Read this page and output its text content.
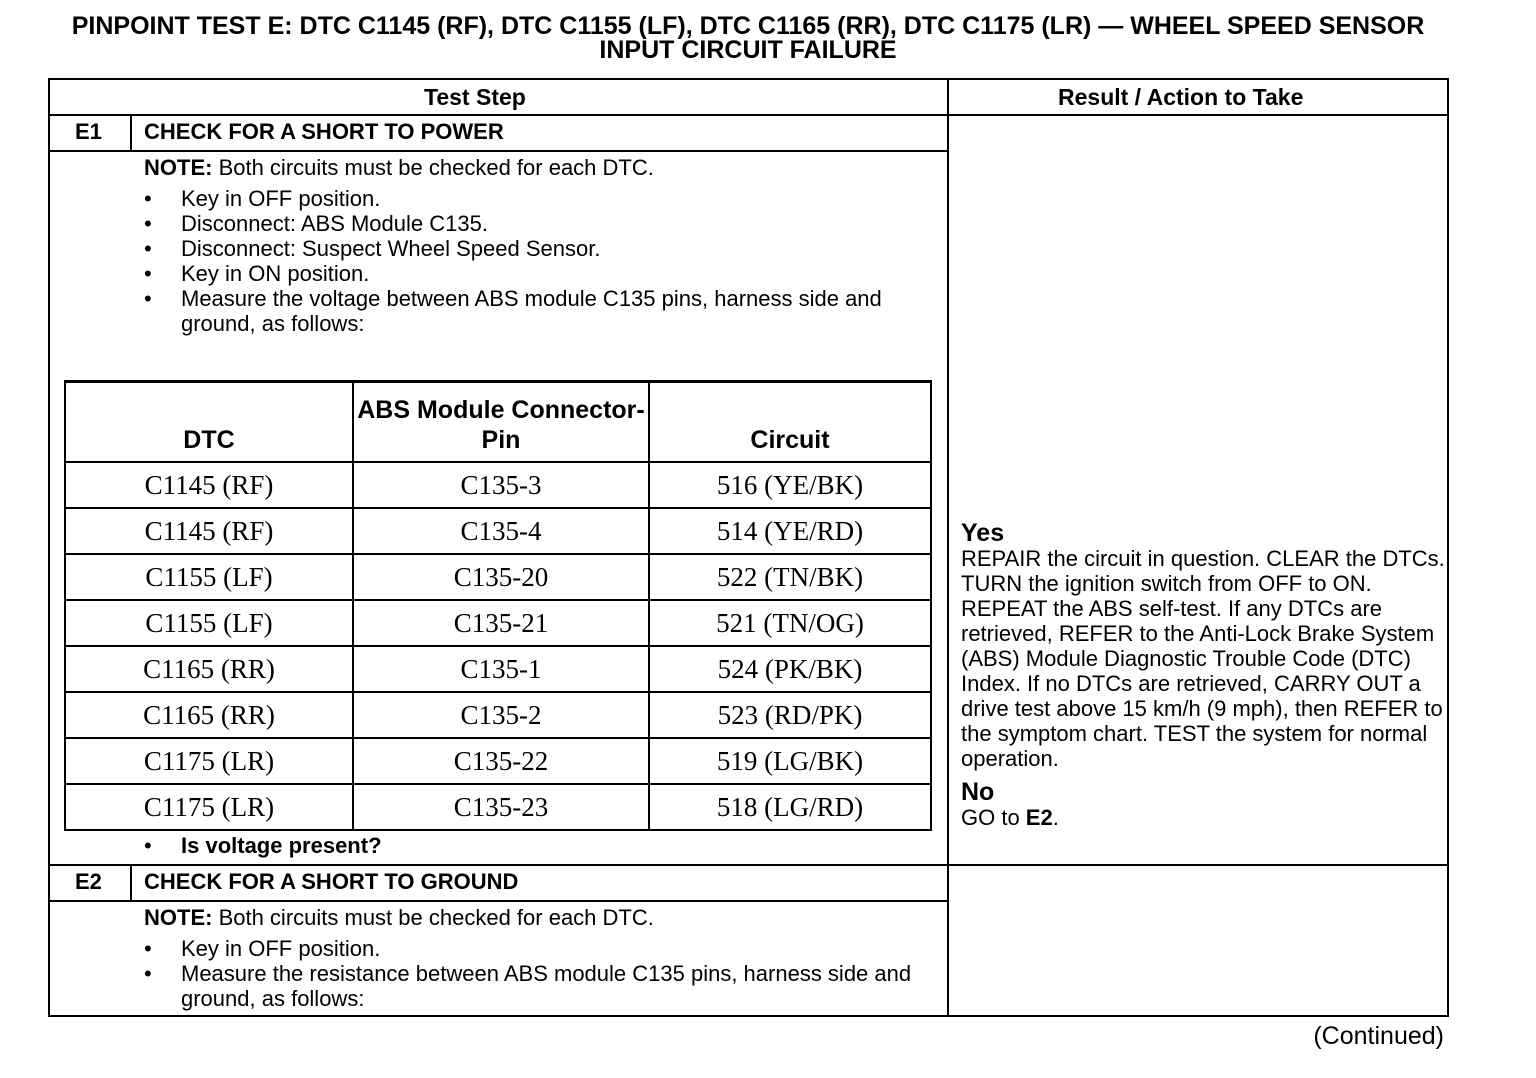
PINPOINT TEST E: DTC C1145 (RF), DTC C1155 (LF), DTC C1165 (RR), DTC C1175 (LR) — WHEEL SPEED SENSOR INPUT CIRCUIT FAILURE
Test Step	Result / Action to Take
E1 CHECK FOR A SHORT TO POWER
NOTE: Both circuits must be checked for each DTC.
•	Key in OFF position.
•	Disconnect: ABS Module C135.
•	Disconnect: Suspect Wheel Speed Sensor.
•	Key in ON position.
•	Measure the voltage between ABS module C135 pins, harness side and ground, as follows:
DTC	ABS Module Connector-Pin	Circuit
C1145 (RF)	C135-3	516 (YE/BK)
C1145 (RF)	C135-4	514 (YE/RD)
C1155 (LF)	C135-20	522 (TN/BK)
C1155 (LF)	C135-21	521 (TN/OG)
C1165 (RR)	C135-1	524 (PK/BK)
C1165 (RR)	C135-2	523 (RD/PK)
C1175 (LR)	C135-22	519 (LG/BK)
C1175 (LR)	C135-23	518 (LG/RD)
•	Is voltage present?
Yes
REPAIR the circuit in question. CLEAR the DTCs. TURN the ignition switch from OFF to ON. REPEAT the ABS self-test. If any DTCs are retrieved, REFER to the Anti-Lock Brake System (ABS) Module Diagnostic Trouble Code (DTC) Index. If no DTCs are retrieved, CARRY OUT a drive test above 15 km/h (9 mph), then REFER to the symptom chart. TEST the system for normal operation.
No
GO to E2.
E2 CHECK FOR A SHORT TO GROUND
NOTE: Both circuits must be checked for each DTC.
•	Key in OFF position.
•	Measure the resistance between ABS module C135 pins, harness side and ground, as follows:
(Continued)
